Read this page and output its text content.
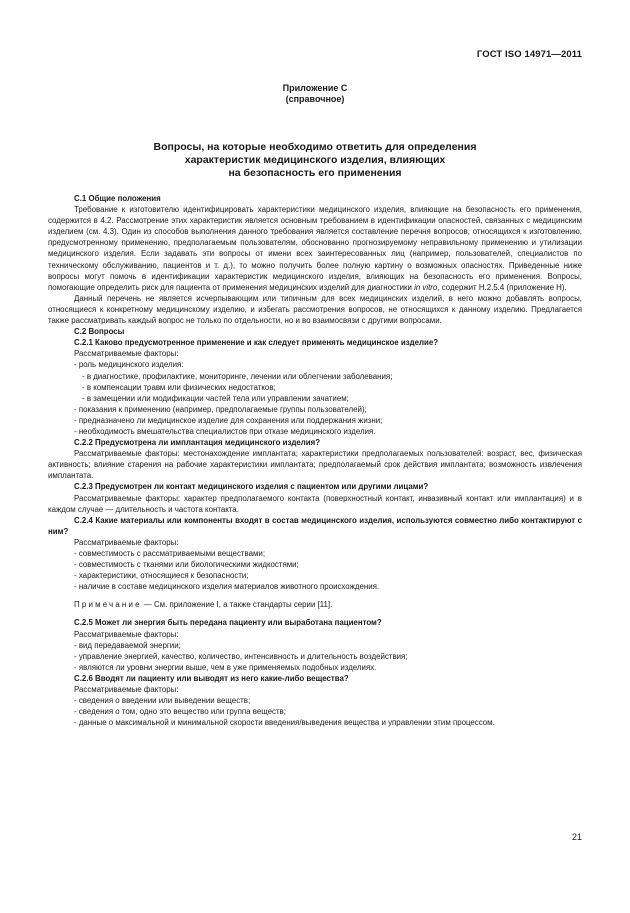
ГОСТ ISO 14971—2011
Приложение С
(справочное)
Вопросы, на которые необходимо ответить для определения
характеристик медицинского изделия, влияющих
на безопасность его применения

С.1 Общие положения

Требование к изготовителю идентифицировать характеристики медицинского изделия, влияющие на безопасность его применения, содержится в 4.2. Рассмотрение этих характеристик является основным требованием в идентификации опасностей, связанных с медицинским изделием (см. 4.3). Один из способов выполнения данного требования является составление перечня вопросов, относящихся к изготовлению, предусмотренному применению, предполагаемым пользователям, обоснованно прогнозируемому неправильному применению и утилизации медицинского изделия. Если задавать эти вопросы от имени всех заинтересованных лиц (например, пользователей, специалистов по техническому обслуживанию, пациентов и т. д.), то можно получить более полную картину о возможных опасностях. Приведенные ниже вопросы могут помочь в идентификации характеристик медицинского изделия, влияющих на безопасность его применения. Вопросы, помогающие определить риск для пациента от применения медицинских изделий для диагностики in vitro, содержит Н.2.5.4 (приложение Н).

Данный перечень не является исчерпывающим или типичным для всех медицинских изделий, в него можно добавлять вопросы, относящиеся к конкретному медицинскому изделию, и избегать рассмотрения вопросов, не относящихся к данному изделию. Предлагается также рассматривать каждый вопрос не только по отдельности, но и во взаимосвязи с другими вопросами.

С.2 Вопросы

С.2.1 Каково предусмотренное применение и как следует применять медицинское изделие?

Рассматриваемые факторы:

- роль медицинского изделия:

- в диагностике, профилактике, мониторинге, лечении или облегчении заболевания;

- в компенсации травм или физических недостатков;

- в замещении или модификации частей тела или управлении зачатием;

- показания к применению (например, предполагаемые группы пользователей);

- предназначено ли медицинское изделие для сохранения или поддержания жизни;

- необходимость вмешательства специалистов при отказе медицинского изделия.

С.2.2 Предусмотрена ли имплантация медицинского изделия?

Рассматриваемые факторы: местонахождение имплантата; характеристики предполагаемых пользователей: возраст, вес, физическая активность; влияние старения на рабочие характеристики имплантата; предполагаемый срок действия имплантата; возможность извлечения имплантата.

С.2.3 Предусмотрен ли контакт медицинского изделия с пациентом или другими лицами?

Рассматриваемые факторы: характер предполагаемого контакта (поверхностный контакт, инвазивный контакт или имплантация) и в каждом случае — длительность и частота контакта.

С.2.4 Какие материалы или компоненты входят в состав медицинского изделия, используются совместно либо контактируют с ним?

Рассматриваемые факторы:

- совместимость с рассматриваемыми веществами;

- совместимость с тканями или биологическими жидкостями;

- характеристики, относящиеся к безопасности;

- наличие в составе медицинского изделия материалов животного происхождения.

Примечание — См. приложение I, а также стандарты серии [11].

С.2.5 Может ли энергия быть передана пациенту или выработана пациентом?

Рассматриваемые факторы:

- вид передаваемой энергии;

- управление энергией, качество, количество, интенсивность и длительность воздействия;

- являются ли уровни энергии выше, чем в уже применяемых подобных изделиях.

С.2.6 Вводят ли пациенту или выводят из него какие-либо вещества?

Рассматриваемые факторы:

- сведения о введении или выведении веществ;

- сведения о том, одно это вещество или группа веществ;

- данные о максимальной и минимальной скорости введения/выведения вещества и управлении этим процессом.

21
